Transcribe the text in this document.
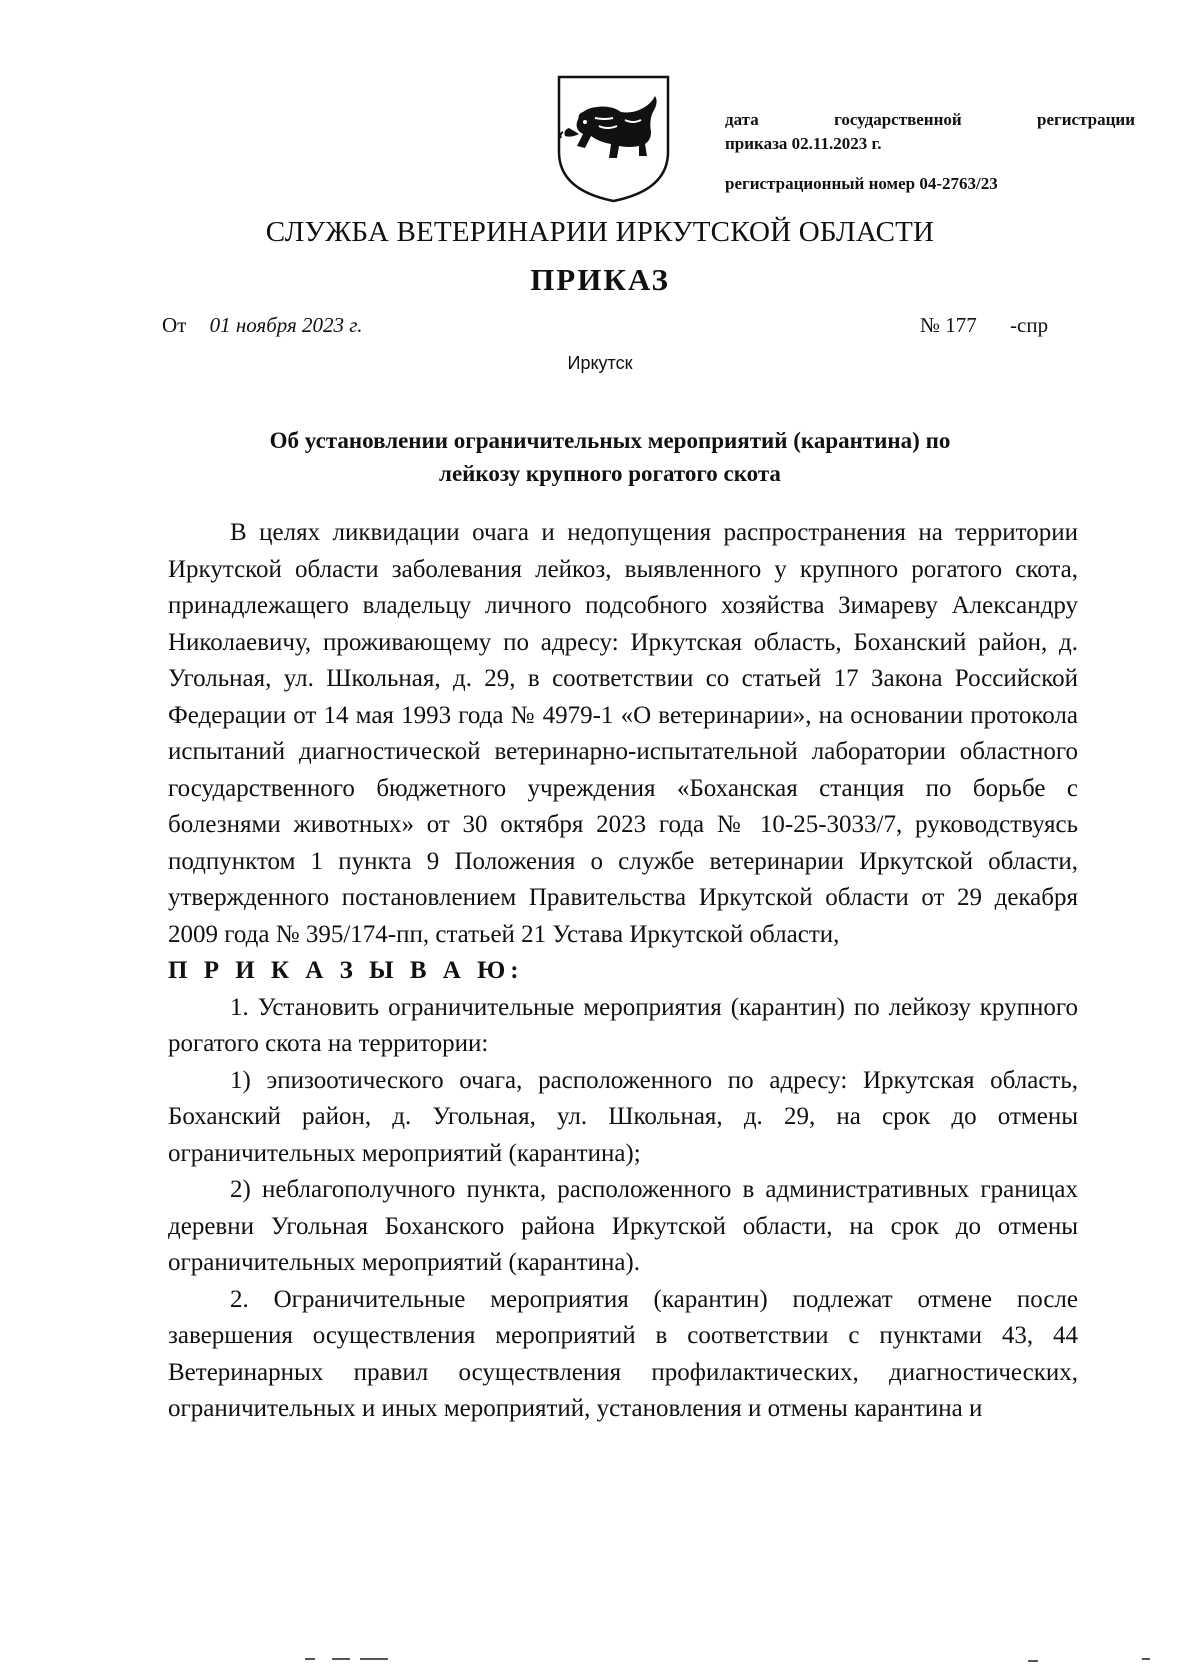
дата государственной регистрации
приказа 02.11.2023 г.
регистрационный номер 04-2763/23
СЛУЖБА ВЕТЕРИНАРИИ ИРКУТСКОЙ ОБЛАСТИ
ПРИКАЗ
От 01 ноября 2023 г.	№ 177 -спр
Иркутск
Об установлении ограничительных мероприятий (карантина) по
лейкозу крупного рогатого скота

В целях ликвидации очага и недопущения распространения на территории Иркутской области заболевания лейкоз, выявленного у крупного рогатого скота, принадлежащего владельцу личного подсобного хозяйства Зимареву Александру Николаевичу, проживающему по адресу: Иркутская область, Боханский район, д. Угольная, ул. Школьная, д. 29, в соответствии со статьей 17 Закона Российской Федерации от 14 мая 1993 года № 4979-1 «О ветеринарии», на основании протокола испытаний диагностической ветеринарно-испытательной лаборатории областного государственного бюджетного учреждения «Боханская станция по борьбе с болезнями животных» от 30 октября 2023 года № 10-25-3033/7, руководствуясь подпунктом 1 пункта 9 Положения о службе ветеринарии Иркутской области, утвержденного постановлением Правительства Иркутской области от 29 декабря 2009 года № 395/174-пп, статьей 21 Устава Иркутской области,

П Р И К А З Ы В А Ю:

1. Установить ограничительные мероприятия (карантин) по лейкозу крупного рогатого скота на территории:

1) эпизоотического очага, расположенного по адресу: Иркутская область, Боханский район, д. Угольная, ул. Школьная, д. 29, на срок до отмены ограничительных мероприятий (карантина);

2) неблагополучного пункта, расположенного в административных границах деревни Угольная Боханского района Иркутской области, на срок до отмены ограничительных мероприятий (карантина).

2. Ограничительные мероприятия (карантин) подлежат отмене после завершения осуществления мероприятий в соответствии с пунктами 43, 44 Ветеринарных правил осуществления профилактических, диагностических, ограничительных и иных мероприятий, установления и отмены карантина и
